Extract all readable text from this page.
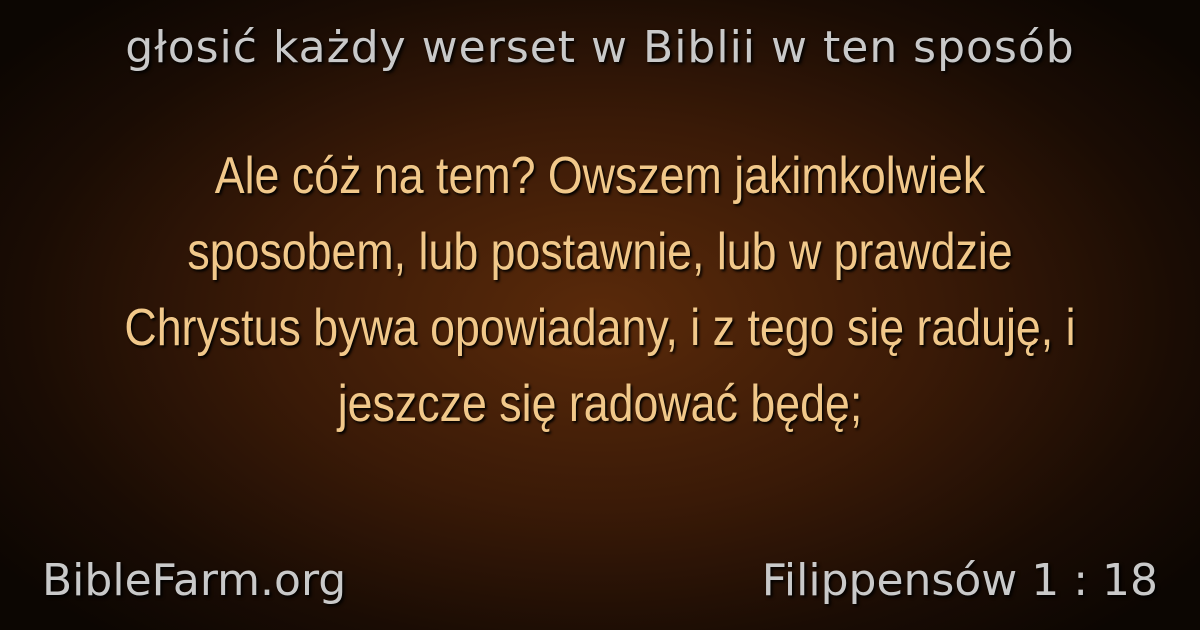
głosić każdy werset w Biblii w ten sposób
Ale cóż na tem? Owszem jakimkolwiek sposobem, lub postawnie, lub w prawdzie Chrystus bywa opowiadany, i z tego się raduję, i jeszcze się radować będę;
BibleFarm.org	Filippensów 1 : 18
